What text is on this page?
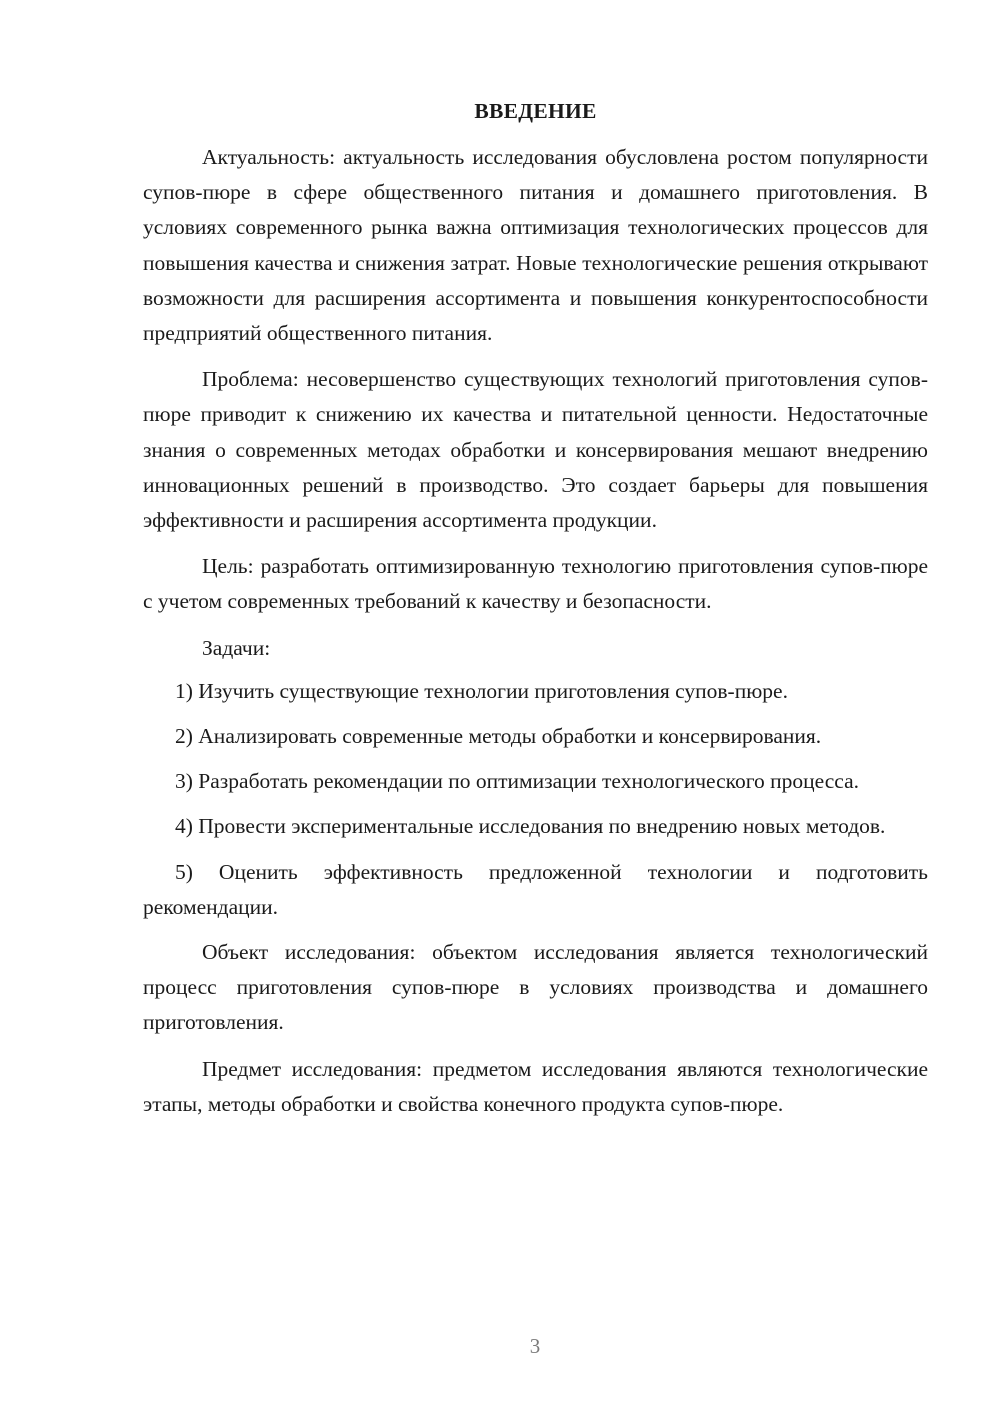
ВВЕДЕНИЕ

Актуальность: актуальность исследования обусловлена ростом популярности супов-пюре в сфере общественного питания и домашнего приготовления. В условиях современного рынка важна оптимизация технологических процессов для повышения качества и снижения затрат. Новые технологические решения открывают возможности для расширения ассортимента и повышения конкурентоспособности предприятий общественного питания.

Проблема: несовершенство существующих технологий приготовления супов-пюре приводит к снижению их качества и питательной ценности. Недостаточные знания о современных методах обработки и консервирования мешают внедрению инновационных решений в производство. Это создает барьеры для повышения эффективности и расширения ассортимента продукции.

Цель: разработать оптимизированную технологию приготовления супов-пюре с учетом современных требований к качеству и безопасности.

Задачи:

1) Изучить существующие технологии приготовления супов-пюре.

2) Анализировать современные методы обработки и консервирования.

3) Разработать рекомендации по оптимизации технологического процесса.

4) Провести экспериментальные исследования по внедрению новых методов.

5) Оценить эффективность предложенной технологии и подготовить рекомендации.

Объект исследования: объектом исследования является технологический процесс приготовления супов-пюре в условиях производства и домашнего приготовления.

Предмет исследования: предметом исследования являются технологические этапы, методы обработки и свойства конечного продукта супов-пюре.

3
